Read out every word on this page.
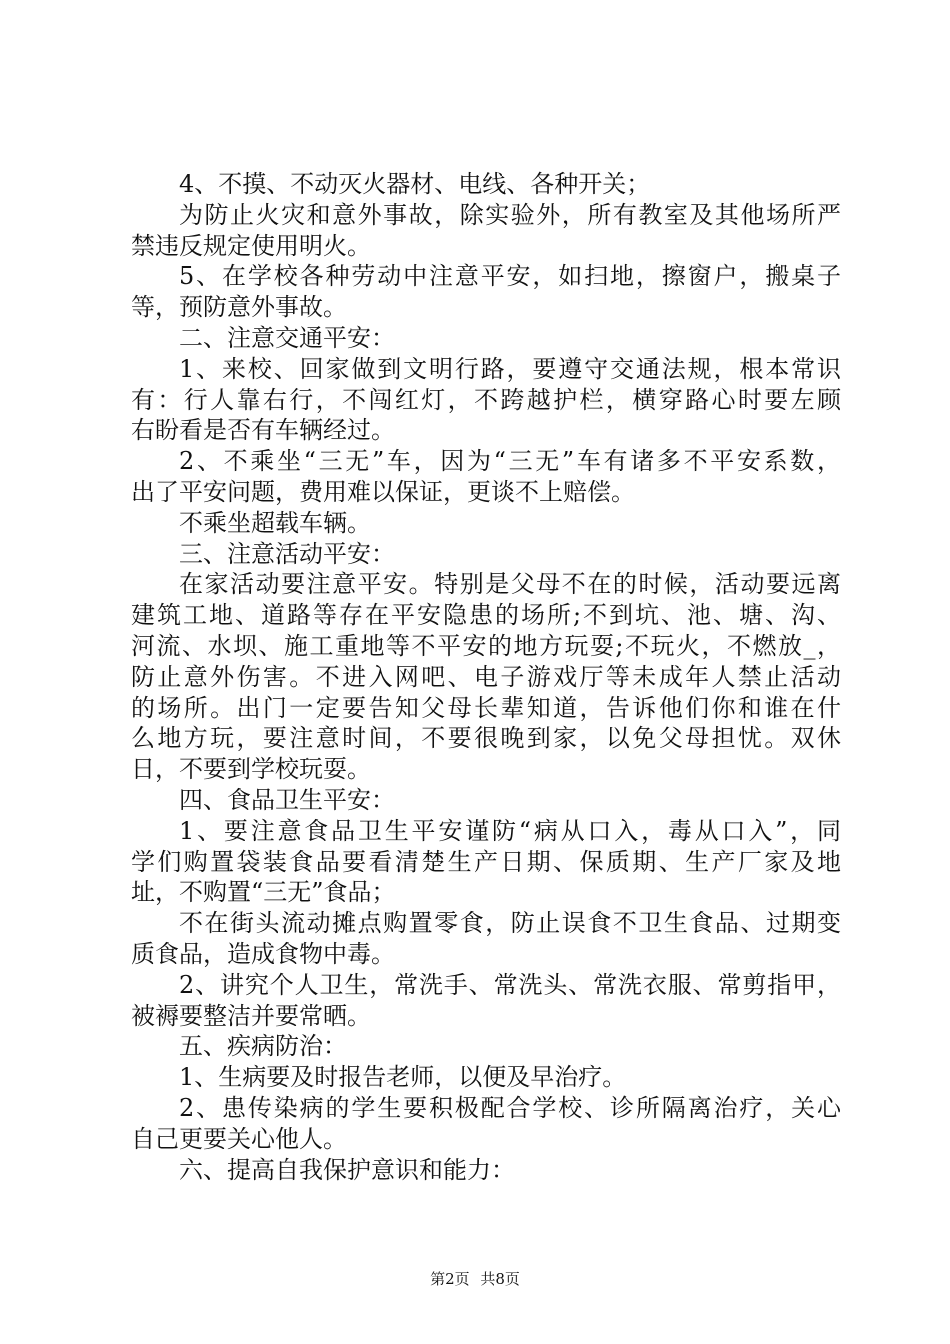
4、不摸、不动灭火器材、电线、各种开关；
为防止火灾和意外事故，除实验外，所有教室及其他场所严
禁违反规定使用明火。
5、在学校各种劳动中注意平安，如扫地，擦窗户，搬桌子
等，预防意外事故。
二、注意交通平安：
1、来校、回家做到文明行路，要遵守交通法规，根本常识
有：行人靠右行，不闯红灯，不跨越护栏，横穿路心时要左顾
右盼看是否有车辆经过。
2、不乘坐“三无”车，因为“三无”车有诸多不平安系数，
出了平安问题，费用难以保证，更谈不上赔偿。
不乘坐超载车辆。
三、注意活动平安：
在家活动要注意平安。特别是父母不在的时候，活动要远离
建筑工地、道路等存在平安隐患的场所;不到坑、池、塘、沟、
河流、水坝、施工重地等不平安的地方玩耍;不玩火，不燃放_，
防止意外伤害。不进入网吧、电子游戏厅等未成年人禁止活动
的场所。出门一定要告知父母长辈知道，告诉他们你和谁在什
么地方玩，要注意时间，不要很晚到家，以免父母担忧。双休
日，不要到学校玩耍。
四、食品卫生平安：
1、要注意食品卫生平安谨防“病从口入，毒从口入”，同
学们购置袋装食品要看清楚生产日期、保质期、生产厂家及地
址，不购置“三无”食品；
不在街头流动摊点购置零食，防止误食不卫生食品、过期变
质食品，造成食物中毒。
2、讲究个人卫生，常洗手、常洗头、常洗衣服、常剪指甲，
被褥要整洁并要常晒。
五、疾病防治：
1、生病要及时报告老师，以便及早治疗。
2、患传染病的学生要积极配合学校、诊所隔离治疗，关心
自己更要关心他人。
六、提高自我保护意识和能力：
第2页 共8页
